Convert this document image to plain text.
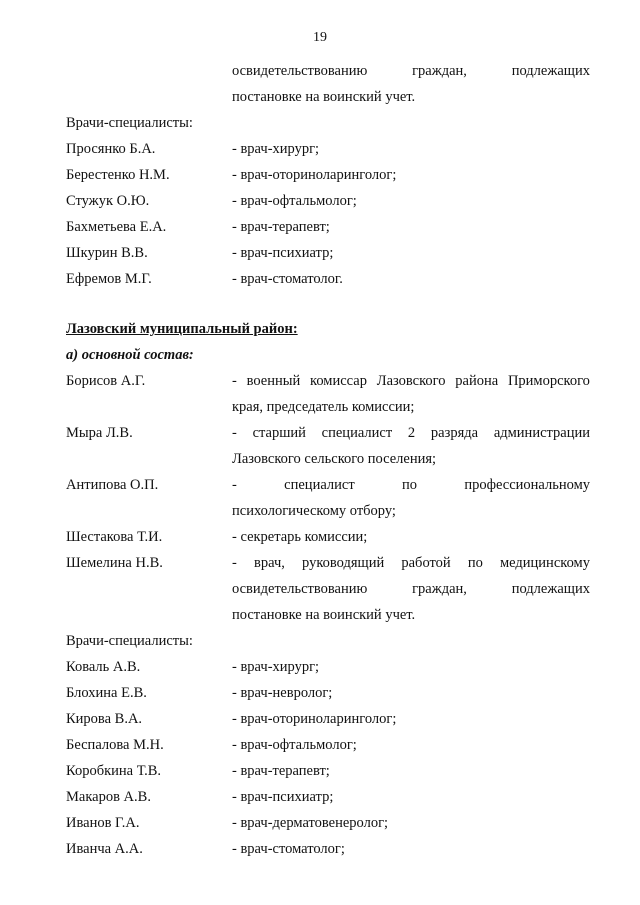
19
освидетельствованию	граждан,	подлежащих
постановке на воинский учет.
Врачи-специалисты:
Просянко Б.А.	- врач-хирург;
Берестенко Н.М.	- врач-оториноларинголог;
Стужук О.Ю.	- врач-офтальмолог;
Бахметьева Е.А.	- врач-терапевт;
Шкурин В.В.	- врач-психиатр;
Ефремов М.Г.	- врач-стоматолог.
Лазовский муниципальный район:
а) основной состав:
Борисов А.Г.	- военный комиссар Лазовского района Приморского
края, председатель комиссии;
Мыра Л.В.	- старший специалист 2 разряда администрации
Лазовского сельского поселения;
Антипова О.П.	-	специалист	по	профессиональному
психологическому отбору;
Шестакова Т.И.	- секретарь комиссии;
Шемелина Н.В.	- врач, руководящий работой по медицинскому
освидетельствованию	граждан,	подлежащих
постановке на воинский учет.
Врачи-специалисты:
Коваль А.В.	- врач-хирург;
Блохина Е.В.	- врач-невролог;
Кирова В.А.	- врач-оториноларинголог;
Беспалова М.Н.	- врач-офтальмолог;
Коробкина Т.В.	- врач-терапевт;
Макаров А.В.	- врач-психиатр;
Иванов Г.А.	- врач-дерматовенеролог;
Иванча А.А.	- врач-стоматолог;
